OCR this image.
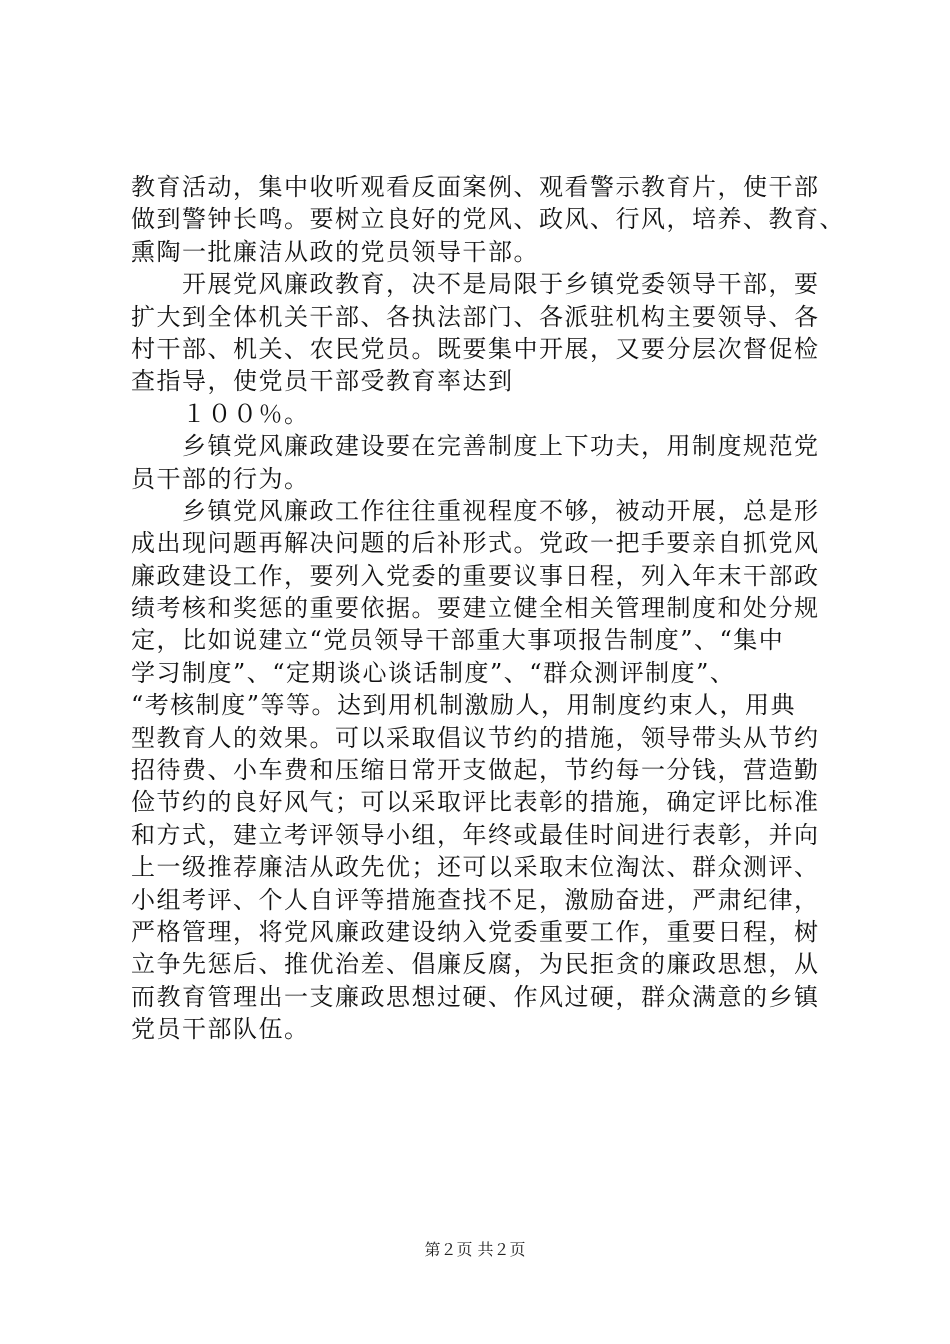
教育活动，集中收听观看反面案例、观看警示教育片，使干部
做到警钟长鸣。要树立良好的党风、政风、行风，培养、教育、
熏陶一批廉洁从政的党员领导干部。
　　开展党风廉政教育，决不是局限于乡镇党委领导干部，要
扩大到全体机关干部、各执法部门、各派驻机构主要领导、各
村干部、机关、农民党员。既要集中开展，又要分层次督促检
查指导，使党员干部受教育率达到
　　１００％。
　　乡镇党风廉政建设要在完善制度上下功夫，用制度规范党
员干部的行为。
　　乡镇党风廉政工作往往重视程度不够，被动开展，总是形
成出现问题再解决问题的后补形式。党政一把手要亲自抓党风
廉政建设工作，要列入党委的重要议事日程，列入年末干部政
绩考核和奖惩的重要依据。要建立健全相关管理制度和处分规
定，比如说建立“党员领导干部重大事项报告制度”、“集中
学习制度”、“定期谈心谈话制度”、“群众测评制度”、
“考核制度”等等。达到用机制激励人，用制度约束人，用典
型教育人的效果。可以采取倡议节约的措施，领导带头从节约
招待费、小车费和压缩日常开支做起，节约每一分钱，营造勤
俭节约的良好风气；可以采取评比表彰的措施，确定评比标准
和方式，建立考评领导小组，年终或最佳时间进行表彰，并向
上一级推荐廉洁从政先优；还可以采取末位淘汰、群众测评、
小组考评、个人自评等措施查找不足，激励奋进，严肃纪律，
严格管理，将党风廉政建设纳入党委重要工作，重要日程，树
立争先惩后、推优治差、倡廉反腐，为民拒贪的廉政思想，从
而教育管理出一支廉政思想过硬、作风过硬，群众满意的乡镇
党员干部队伍。
第２页 共２页
